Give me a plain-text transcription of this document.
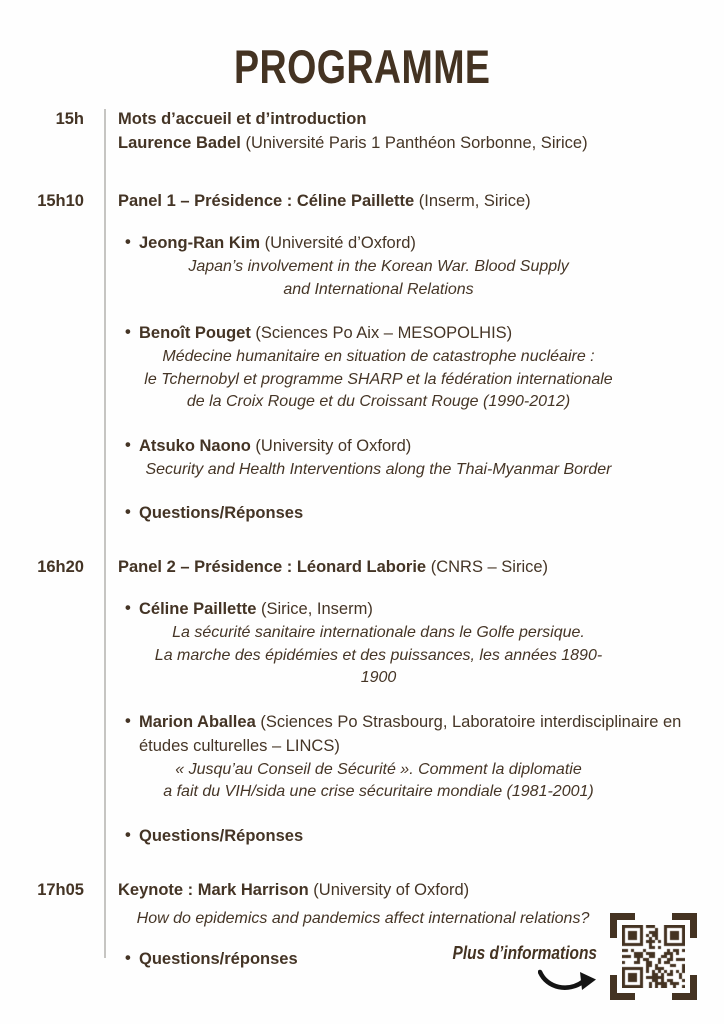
PROGRAMME
15h	Mots d’accueil et d’introduction
Laurence Badel (Université Paris 1 Panthéon Sorbonne, Sirice)
15h10	Panel 1 – Présidence : Céline Paillette (Inserm, Sirice)
• Jeong-Ran Kim (Université d’Oxford)
Japan’s involvement in the Korean War. Blood Supply
and International Relations
• Benoît Pouget (Sciences Po Aix – MESOPOLHIS)
Médecine humanitaire en situation de catastrophe nucléaire :
le Tchernobyl et programme SHARP et la fédération internationale
de la Croix Rouge et du Croissant Rouge (1990-2012)
• Atsuko Naono (University of Oxford)
Security and Health Interventions along the Thai-Myanmar Border
• Questions/Réponses
16h20	Panel 2 – Présidence : Léonard Laborie (CNRS – Sirice)
• Céline Paillette (Sirice, Inserm)
La sécurité sanitaire internationale dans le Golfe persique.
La marche des épidémies et des puissances, les années 1890-1900
• Marion Aballea (Sciences Po Strasbourg, Laboratoire interdisciplinaire en études culturelles – LINCS)
« Jusqu’au Conseil de Sécurité ». Comment la diplomatie
a fait du VIH/sida une crise sécuritaire mondiale (1981-2001)
• Questions/Réponses
17h05	Keynote : Mark Harrison (University of Oxford)
How do epidemics and pandemics affect international relations?
• Questions/réponses	Plus d’informations
